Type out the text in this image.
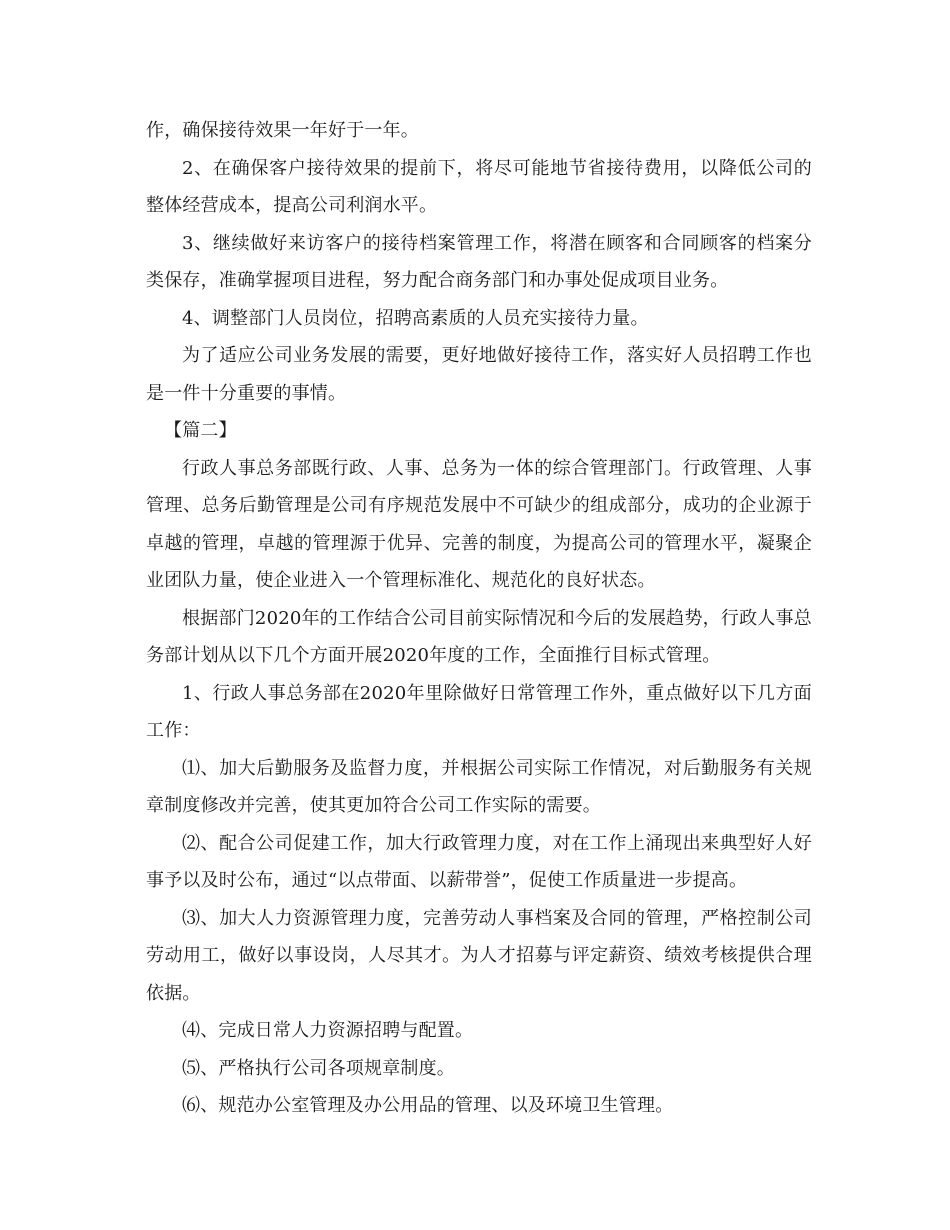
作，确保接待效果一年好于一年。

2、在确保客户接待效果的提前下，将尽可能地节省接待费用，以降低公司的整体经营成本，提高公司利润水平。

3、继续做好来访客户的接待档案管理工作，将潜在顾客和合同顾客的档案分类保存，准确掌握项目进程，努力配合商务部门和办事处促成项目业务。

4、调整部门人员岗位，招聘高素质的人员充实接待力量。

为了适应公司业务发展的需要，更好地做好接待工作，落实好人员招聘工作也是一件十分重要的事情。

【篇二】

行政人事总务部既行政、人事、总务为一体的综合管理部门。行政管理、人事管理、总务后勤管理是公司有序规范发展中不可缺少的组成部分，成功的企业源于卓越的管理，卓越的管理源于优异、完善的制度，为提高公司的管理水平，凝聚企业团队力量，使企业进入一个管理标准化、规范化的良好状态。

根据部门2020年的工作结合公司目前实际情况和今后的发展趋势，行政人事总务部计划从以下几个方面开展2020年度的工作，全面推行目标式管理。

1、行政人事总务部在2020年里除做好日常管理工作外，重点做好以下几方面工作：

⑴、加大后勤服务及监督力度，并根据公司实际工作情况，对后勤服务有关规章制度修改并完善，使其更加符合公司工作实际的需要。

⑵、配合公司促建工作，加大行政管理力度，对在工作上涌现出来典型好人好事予以及时公布，通过“以点带面、以薪带誉”，促使工作质量进一步提高。

⑶、加大人力资源管理力度，完善劳动人事档案及合同的管理，严格控制公司劳动用工，做好以事设岗，人尽其才。为人才招募与评定薪资、绩效考核提供合理依据。

⑷、完成日常人力资源招聘与配置。

⑸、严格执行公司各项规章制度。

⑹、规范办公室管理及办公用品的管理、以及环境卫生管理。
